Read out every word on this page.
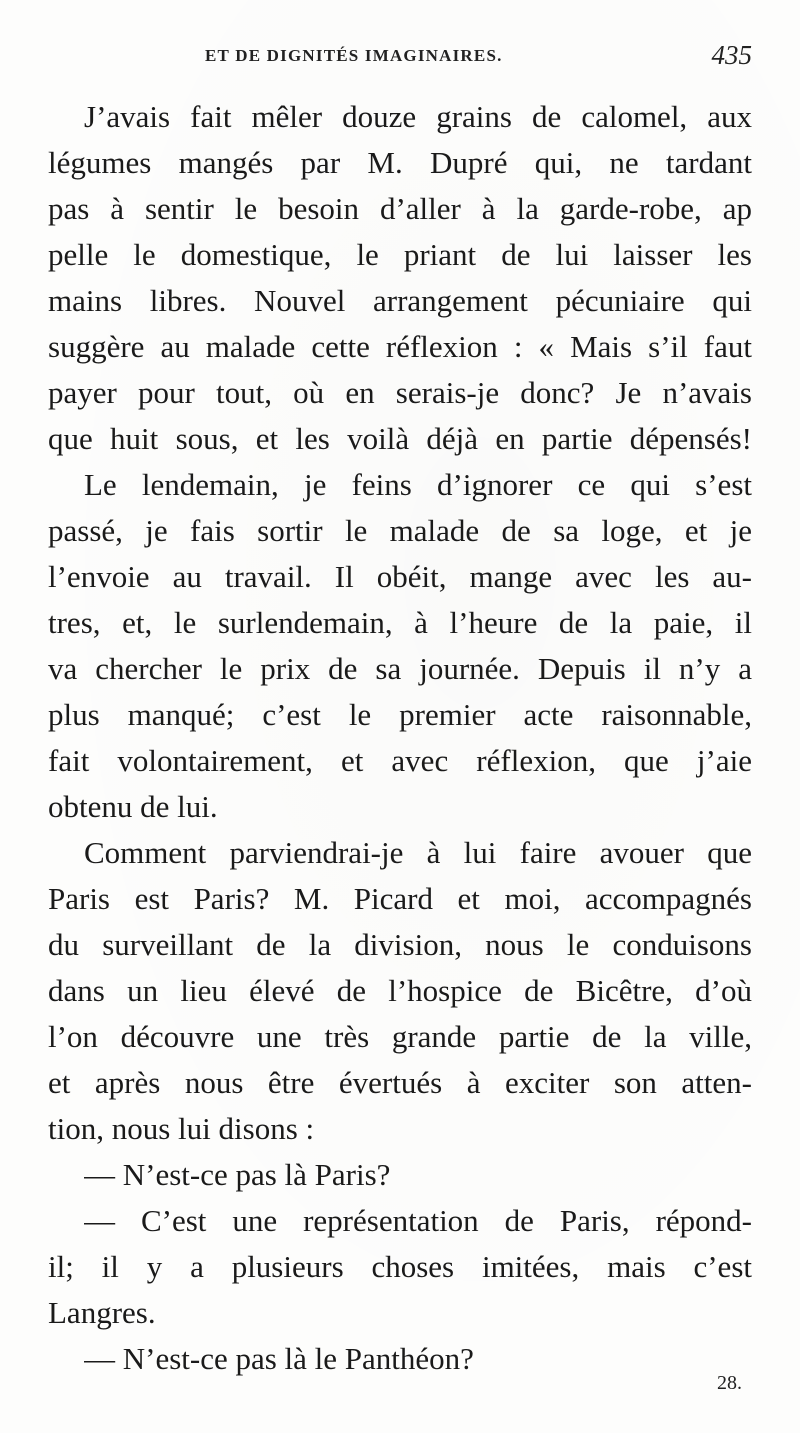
ET DE DIGNITÉS IMAGINAIRES.	435
J’avais fait mêler douze grains de calomel, aux
légumes mangés par M. Dupré qui, ne tardant
pas à sentir le besoin d’aller à la garde-robe, ap
pelle le domestique, le priant de lui laisser les
mains libres. Nouvel arrangement pécuniaire qui
suggère au malade cette réflexion : « Mais s’il faut
payer pour tout, où en serais-je donc? Je n’avais
que huit sous, et les voilà déjà en partie dépensés!
Le lendemain, je feins d’ignorer ce qui s’est
passé, je fais sortir le malade de sa loge, et je
l’envoie au travail. Il obéit, mange avec les au-
tres, et, le surlendemain, à l’heure de la paie, il
va chercher le prix de sa journée. Depuis il n’y a
plus manqué; c’est le premier acte raisonnable,
fait volontairement, et avec réflexion, que j’aie
obtenu de lui.
Comment parviendrai-je à lui faire avouer que
Paris est Paris? M. Picard et moi, accompagnés
du surveillant de la division, nous le conduisons
dans un lieu élevé de l’hospice de Bicêtre, d’où
l’on découvre une très grande partie de la ville,
et après nous être évertués à exciter son atten-
tion, nous lui disons :
— N’est-ce pas là Paris?
— C’est une représentation de Paris, répond-
il; il y a plusieurs choses imitées, mais c’est
Langres.
— N’est-ce pas là le Panthéon?
28.
